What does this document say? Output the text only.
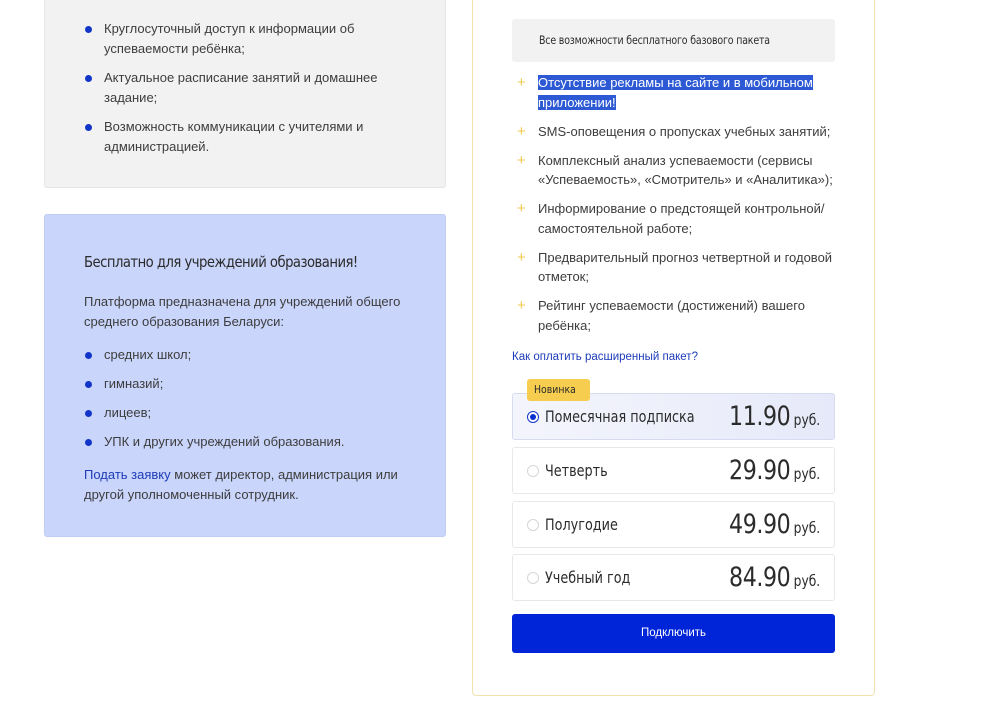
Круглосуточный доступ к информации об успеваемости ребёнка;
Актуальное расписание занятий и домашнее задание;
Возможность коммуникации с учителями и администрацией.
Бесплатно для учреждений образования!
Платформа предназначена для учреждений общего среднего образования Беларуси:
средних школ;
гимназий;
лицеев;
УПК и других учреждений образования.
Подать заявку может директор, администрация или другой уполномоченный сотрудник.
Все возможности бесплатного базового пакета
+ Отсутствие рекламы на сайте и в мобильном приложении!
+ SMS-оповещения о пропусках учебных занятий;
+ Комплексный анализ успеваемости (сервисы «Успеваемость», «Смотритель» и «Аналитика»);
+ Информирование о предстоящей контрольной/самостоятельной работе;
+ Предварительный прогноз четвертной и годовой отметок;
+ Рейтинг успеваемости (достижений) вашего ребёнка;
Как оплатить расширенный пакет?
Помесячная подписка 11.90 руб.
Новинка
Четверть	29.90 руб.
Полугодие	49.90 руб.
Учебный год	84.90 руб.
Подключить
